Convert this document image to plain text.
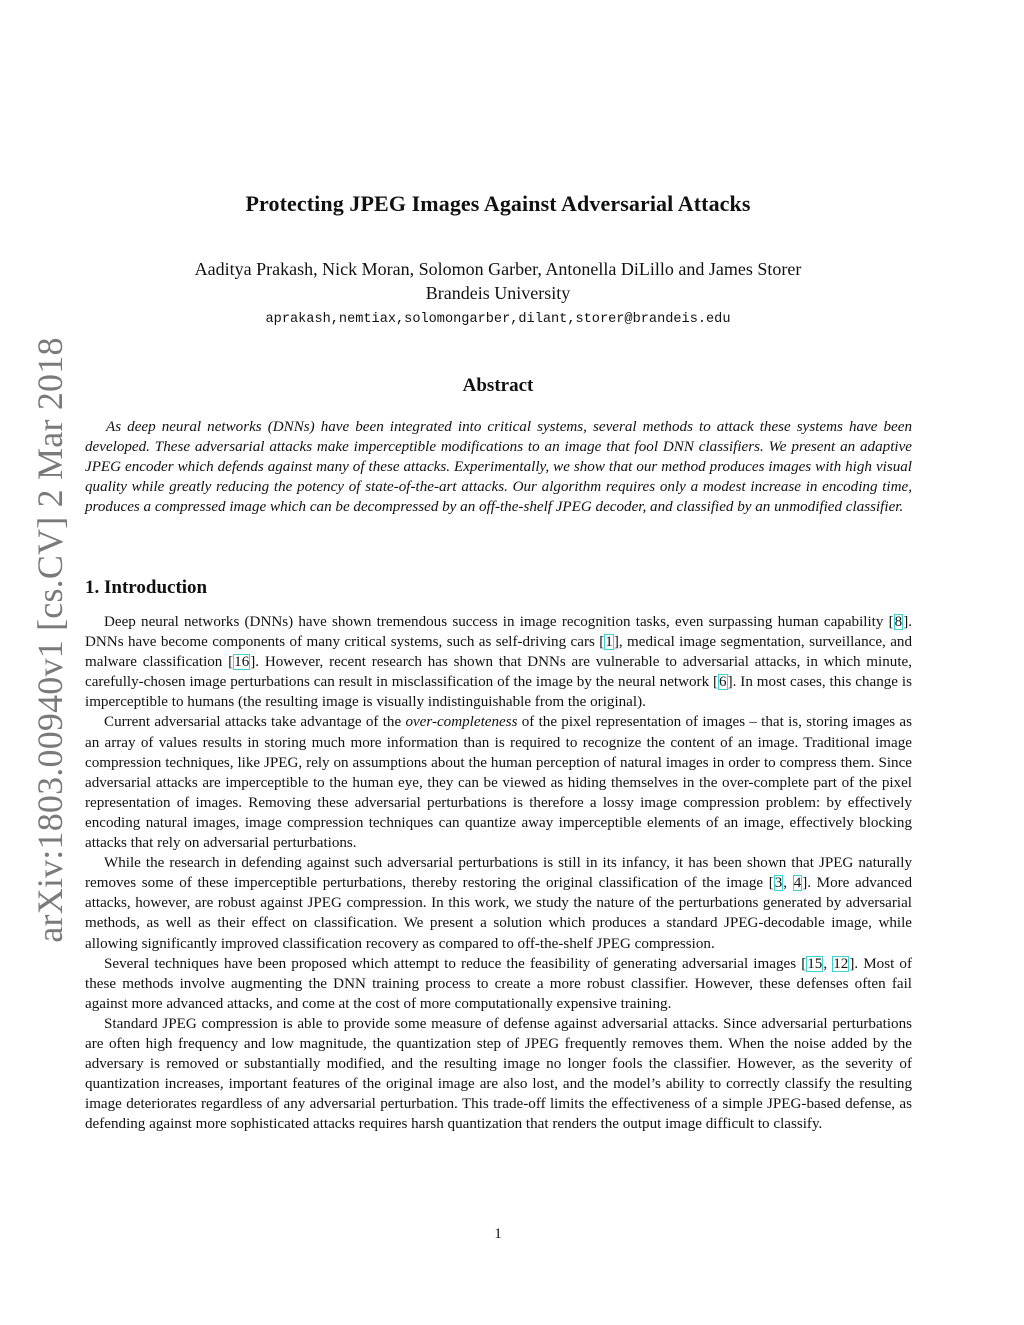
arXiv:1803.00940v1 [cs.CV] 2 Mar 2018
Protecting JPEG Images Against Adversarial Attacks
Aaditya Prakash, Nick Moran, Solomon Garber, Antonella DiLillo and James Storer
Brandeis University
aprakash,nemtiax,solomongarber,dilant,storer@brandeis.edu
Abstract

As deep neural networks (DNNs) have been integrated into critical systems, several methods to attack these systems have been developed. These adversarial attacks make imperceptible modifications to an image that fool DNN classifiers. We present an adaptive JPEG encoder which defends against many of these attacks. Experimentally, we show that our method produces images with high visual quality while greatly reducing the potency of state-of-the-art attacks. Our algorithm requires only a modest increase in encoding time, produces a compressed image which can be decompressed by an off-the-shelf JPEG decoder, and classified by an unmodified classifier.

1. Introduction

Deep neural networks (DNNs) have shown tremendous success in image recognition tasks, even surpassing human capability [8]. DNNs have become components of many critical systems, such as self-driving cars [1], medical image segmentation, surveillance, and malware classification [16]. However, recent research has shown that DNNs are vulnerable to adversarial attacks, in which minute, carefully-chosen image perturbations can result in misclassification of the image by the neural network [6]. In most cases, this change is imperceptible to humans (the resulting image is visually indistinguishable from the original).

Current adversarial attacks take advantage of the over-completeness of the pixel representation of images – that is, storing images as an array of values results in storing much more information than is required to recognize the content of an image. Traditional image compression techniques, like JPEG, rely on assumptions about the human perception of natural images in order to compress them. Since adversarial attacks are imperceptible to the human eye, they can be viewed as hiding themselves in the over-complete part of the pixel representation of images. Removing these adversarial perturbations is therefore a lossy image compression problem: by effectively encoding natural images, image compression techniques can quantize away imperceptible elements of an image, effectively blocking attacks that rely on adversarial perturbations.

While the research in defending against such adversarial perturbations is still in its infancy, it has been shown that JPEG naturally removes some of these imperceptible perturbations, thereby restoring the original classification of the image [3, 4]. More advanced attacks, however, are robust against JPEG compression. In this work, we study the nature of the perturbations generated by adversarial methods, as well as their effect on classification. We present a solution which produces a standard JPEG-decodable image, while allowing significantly improved classification recovery as compared to off-the-shelf JPEG compression.

Several techniques have been proposed which attempt to reduce the feasibility of generating adversarial images [15, 12]. Most of these methods involve augmenting the DNN training process to create a more robust classifier. However, these defenses often fail against more advanced attacks, and come at the cost of more computationally expensive training.

Standard JPEG compression is able to provide some measure of defense against adversarial attacks. Since adversarial perturbations are often high frequency and low magnitude, the quantization step of JPEG frequently removes them. When the noise added by the adversary is removed or substantially modified, and the resulting image no longer fools the classifier. However, as the severity of quantization increases, important features of the original image are also lost, and the model’s ability to correctly classify the resulting image deteriorates regardless of any adversarial perturbation. This trade-off limits the effectiveness of a simple JPEG-based defense, as defending against more sophisticated attacks requires harsh quantization that renders the output image difficult to classify.

1
